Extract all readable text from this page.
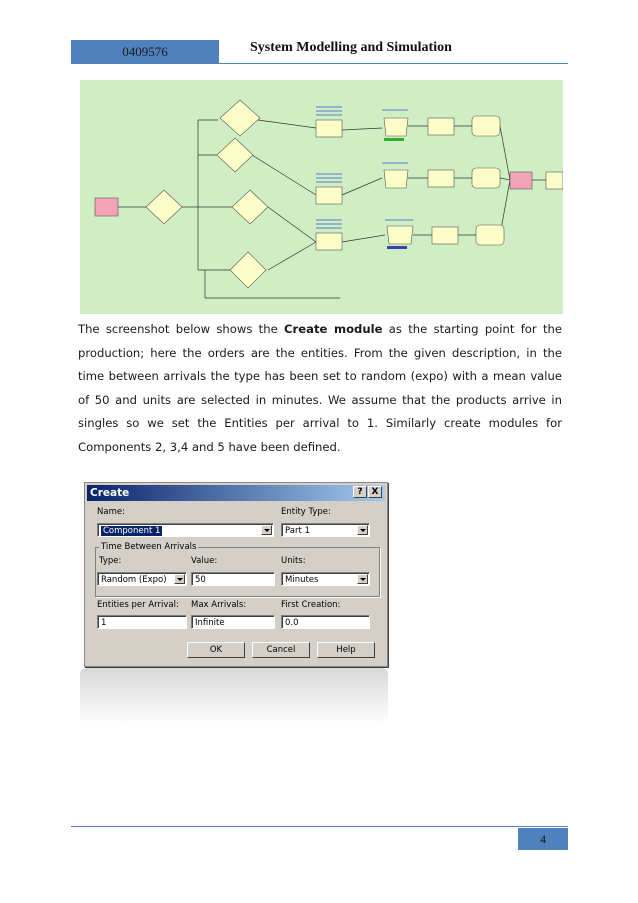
0409576	System Modelling and Simulation
The screenshot below shows the Create module as the starting point for the production; here the orders are the entities. From the given description, in the time between arrivals the type has been set to random (expo) with a mean value of 50 and units are selected in minutes. We assume that the products arrive in singles so we set the Entities per arrival to 1. Similarly create modules for Components 2, 3,4 and 5 have been defined.
Create	? X
Name:
Component 1
Entity Type:
Part 1
Time Between Arrivals
Type:
Random (Expo)
Value:
50
Units:
Minutes
Entities per Arrival:
1
Max Arrivals:
Infinite
First Creation:
0.0
OK	Cancel	Help
4
